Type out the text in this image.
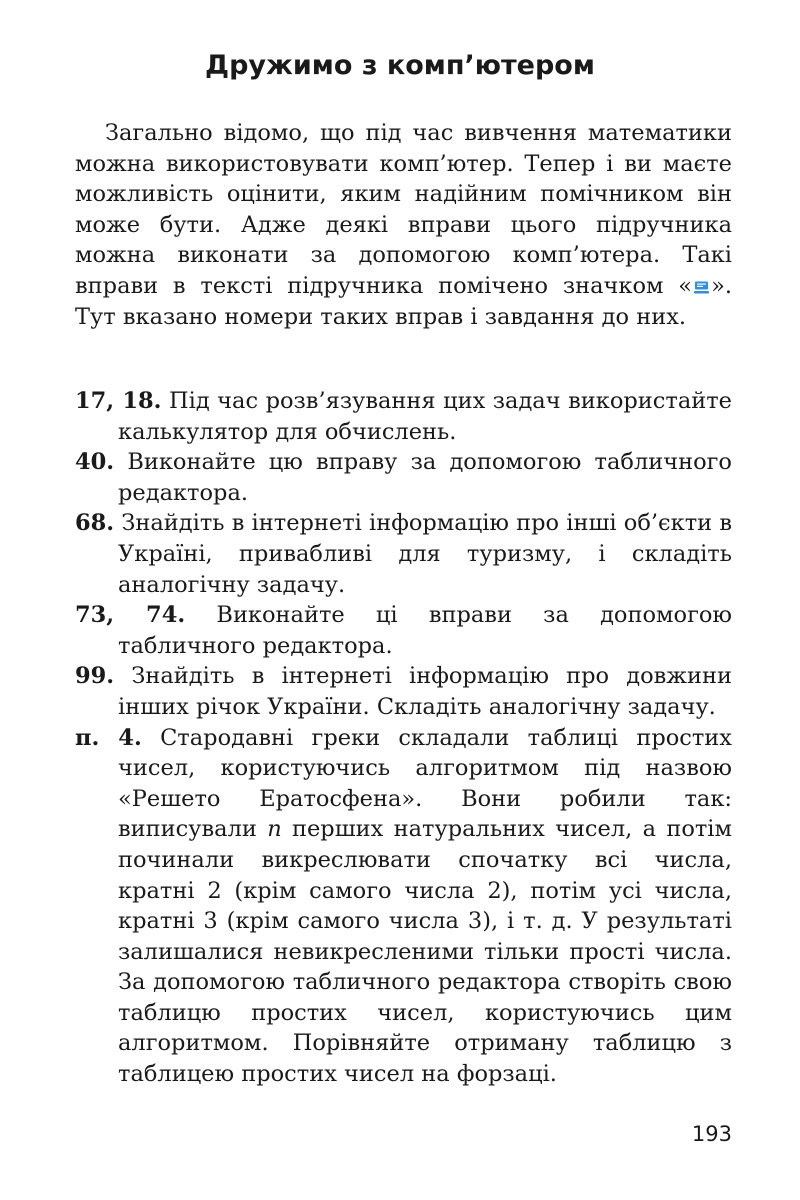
Дружимо з комп’ютером

Загально відомо, що під час вивчення математики можна використовувати комп’ютер. Тепер і ви маєте можливість оцінити, яким надійним помічником він може бути. Адже деякі вправи цього підручника можна виконати за допомогою комп’ютера. Такі вправи в тексті підручника помічено значком « ». Тут вказано номери таких вправ і завдання до них.

17, 18. Під час розв’язування цих задач використайте калькулятор для обчислень.
40. Виконайте цю вправу за допомогою табличного редактора.
68. Знайдіть в інтернеті інформацію про інші об’єкти в Україні, привабливі для туризму, і складіть аналогічну задачу.
73, 74. Виконайте ці вправи за допомогою табличного редактора.
99. Знайдіть в інтернеті інформацію про довжини інших річок України. Складіть аналогічну задачу.
п. 4. Стародавні греки складали таблиці простих чисел, користуючись алгоритмом під назвою «Решето Ератосфена». Вони робили так: виписували n перших натуральних чисел, а потім починали викреслювати спочатку всі числа, кратні 2 (крім самого числа 2), потім усі числа, кратні 3 (крім самого числа 3), і т. д. У результаті залишалися невикресленими тільки прості числа. За допомогою табличного редактора створіть свою таблицю простих чисел, користуючись цим алгоритмом. Порівняйте отриману таблицю з таблицею простих чисел на форзаці.
193
